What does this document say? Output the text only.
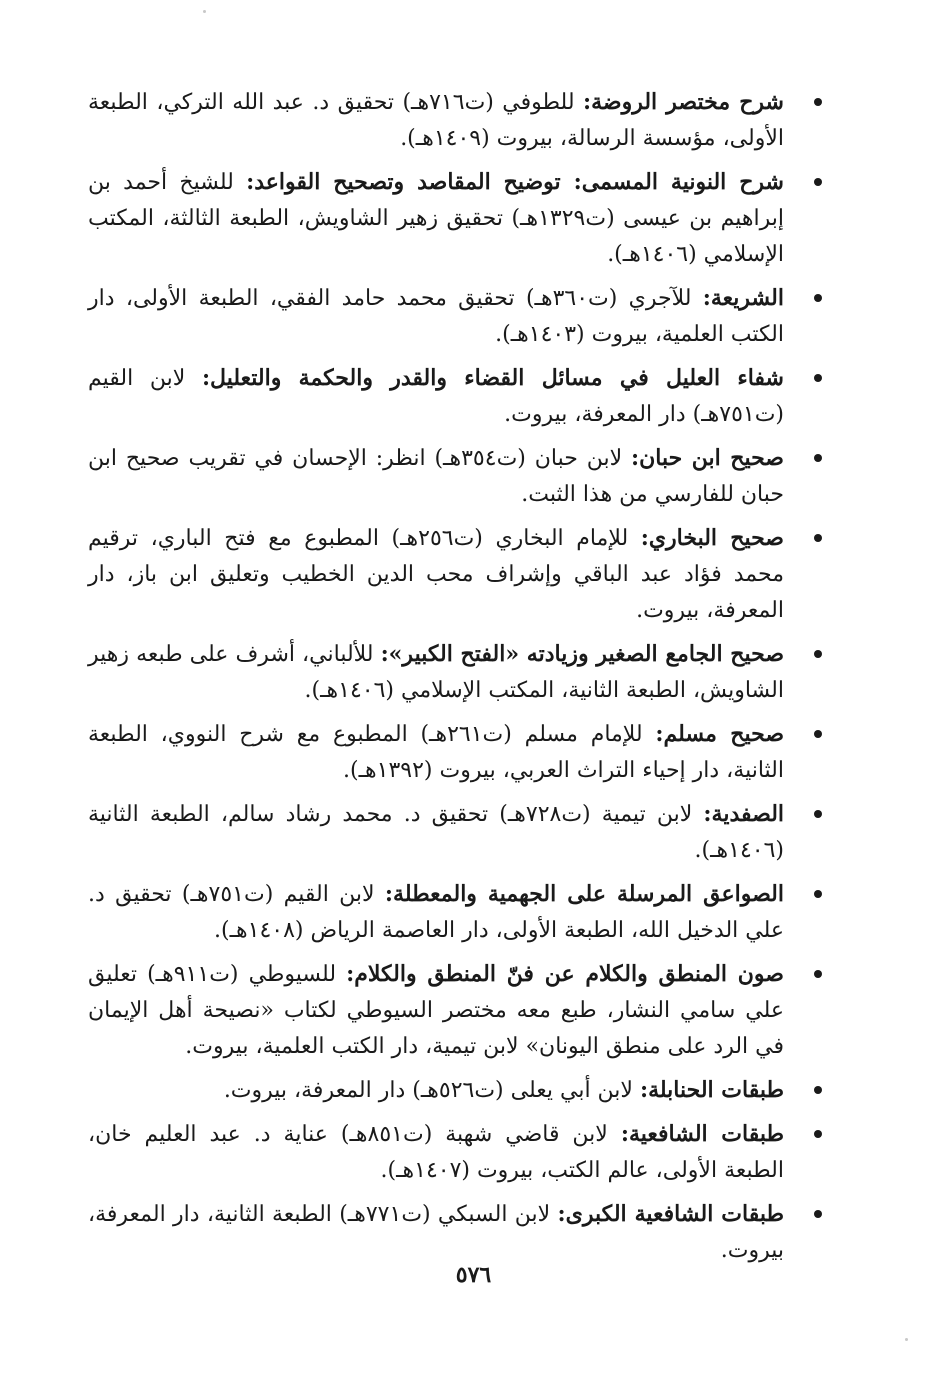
شرح مختصر الروضة: للطوفي (ت٧١٦هـ) تحقيق د. عبد الله التركي، الطبعة الأولى، مؤسسة الرسالة، بيروت (١٤٠٩هـ).
شرح النونية المسمى: توضيح المقاصد وتصحيح القواعد: للشيخ أحمد بن إبراهيم بن عيسى (ت١٣٢٩هـ) تحقيق زهير الشاويش، الطبعة الثالثة، المكتب الإسلامي (١٤٠٦هـ).
الشريعة: للآجري (ت٣٦٠هـ) تحقيق محمد حامد الفقي، الطبعة الأولى، دار الكتب العلمية، بيروت (١٤٠٣هـ).
شفاء العليل في مسائل القضاء والقدر والحكمة والتعليل: لابن القيم (ت٧٥١هـ) دار المعرفة، بيروت.
صحيح ابن حبان: لابن حبان (ت٣٥٤هـ) انظر: الإحسان في تقريب صحيح ابن حبان للفارسي من هذا الثبت.
صحيح البخاري: للإمام البخاري (ت٢٥٦هـ) المطبوع مع فتح الباري، ترقيم محمد فؤاد عبد الباقي وإشراف محب الدين الخطيب وتعليق ابن باز، دار المعرفة، بيروت.
صحيح الجامع الصغير وزيادته «الفتح الكبير»: للألباني، أشرف على طبعه زهير الشاويش، الطبعة الثانية، المكتب الإسلامي (١٤٠٦هـ).
صحيح مسلم: للإمام مسلم (ت٢٦١هـ) المطبوع مع شرح النووي، الطبعة الثانية، دار إحياء التراث العربي، بيروت (١٣٩٢هـ).
الصفدية: لابن تيمية (ت٧٢٨هـ) تحقيق د. محمد رشاد سالم، الطبعة الثانية (١٤٠٦هـ).
الصواعق المرسلة على الجهمية والمعطلة: لابن القيم (ت٧٥١هـ) تحقيق د. علي الدخيل الله، الطبعة الأولى، دار العاصمة الرياض (١٤٠٨هـ).
صون المنطق والكلام عن فنّ المنطق والكلام: للسيوطي (ت٩١١هـ) تعليق علي سامي النشار، طبع معه مختصر السيوطي لكتاب «نصيحة أهل الإيمان في الرد على منطق اليونان» لابن تيمية، دار الكتب العلمية، بيروت.
طبقات الحنابلة: لابن أبي يعلى (ت٥٢٦هـ) دار المعرفة، بيروت.
طبقات الشافعية: لابن قاضي شهبة (ت٨٥١هـ) عناية د. عبد العليم خان، الطبعة الأولى، عالم الكتب، بيروت (١٤٠٧هـ).
طبقات الشافعية الكبرى: لابن السبكي (ت٧٧١هـ) الطبعة الثانية، دار المعرفة، بيروت.
٥٧٦
